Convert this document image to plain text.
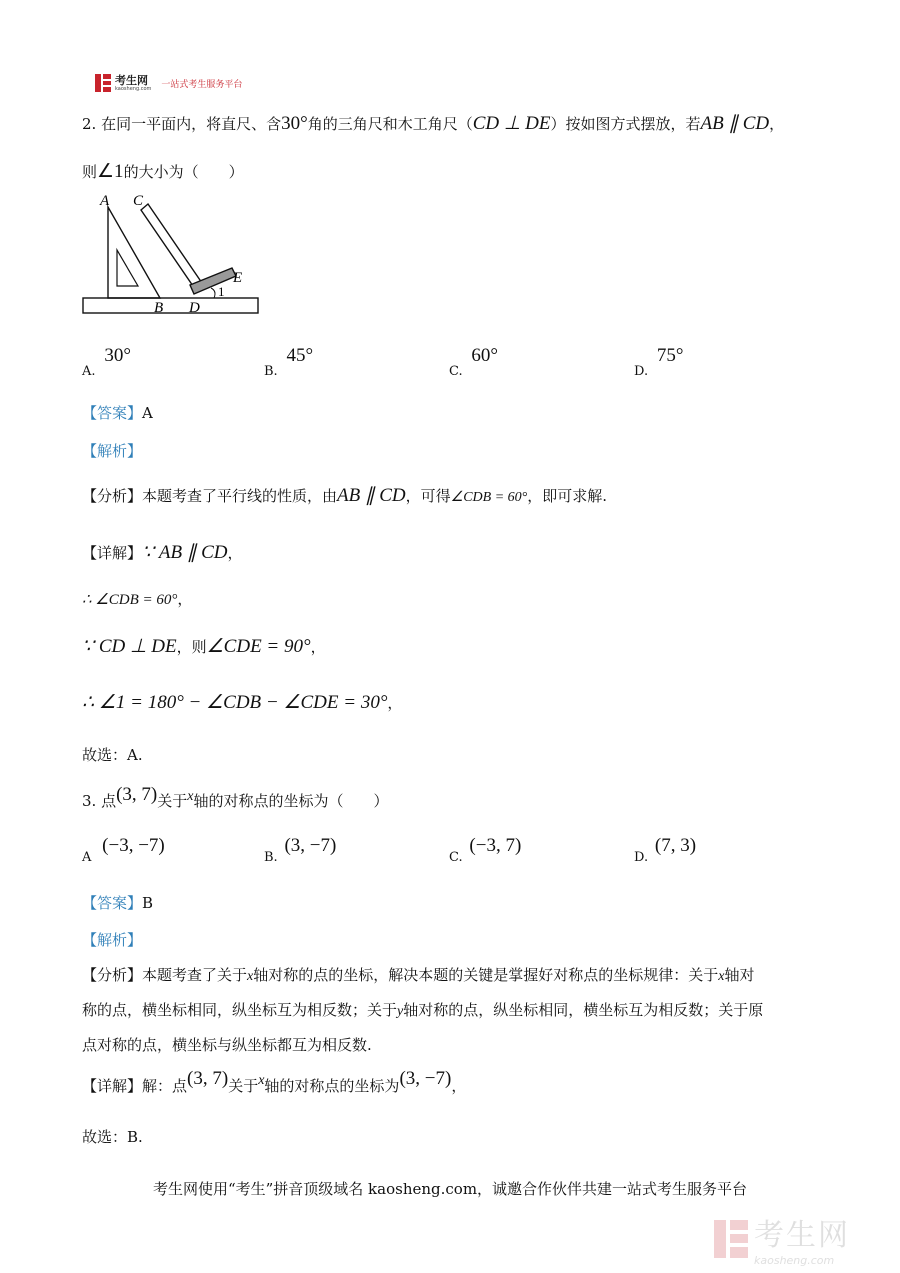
考生网
kaosheng.com 一站式考生服务平台
2. 在同一平面内，将直尺、含30°角的三角尺和木工角尺（CD ⊥ DE）按如图方式摆放，若AB ∥ CD，
则∠1的大小为（　　）
A C
E
1
B D
A. 30°
B. 45°
C. 60°
D. 75°
【答案】A
【解析】
【分析】本题考查了平行线的性质，由AB ∥ CD，可得∠CDB = 60°，即可求解.
【详解】∵ AB ∥ CD，
∴ ∠CDB = 60°，
∵ CD ⊥ DE，则∠CDE = 90°，
∴ ∠1 = 180° − ∠CDB − ∠CDE = 30°，
故选：A.
3. 点(3, 7)关于x轴的对称点的坐标为（　　）
A (−3, −7)
B. (3, −7)
C. (−3, 7)
D. (7, 3)
【答案】B
【解析】
【分析】本题考查了关于x轴对称的点的坐标，解决本题的关键是掌握好对称点的坐标规律：关于x轴对
称的点，横坐标相同，纵坐标互为相反数；关于y轴对称的点，纵坐标相同，横坐标互为相反数；关于原
点对称的点，横坐标与纵坐标都互为相反数.
【详解】解：点(3, 7)关于x轴的对称点的坐标为(3, −7)，
故选：B.
考生网使用“考生”拼音顶级域名 kaosheng.com，诚邀合作伙伴共建一站式考生服务平台
考生网
kaosheng.com
